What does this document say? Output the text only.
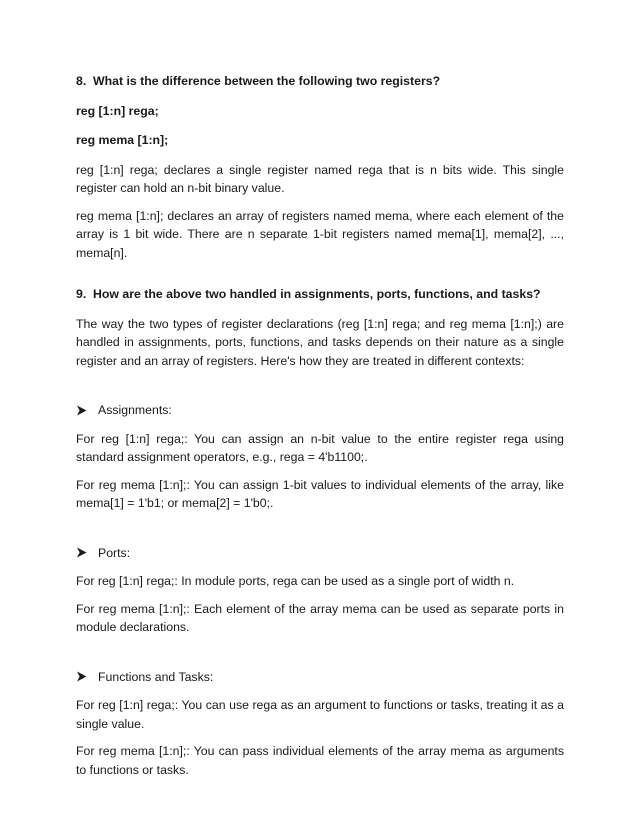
8. What is the difference between the following two registers?
reg [1:n] rega;
reg mema [1:n];

reg [1:n] rega; declares a single register named rega that is n bits wide. This single register can hold an n-bit binary value.

reg mema [1:n]; declares an array of registers named mema, where each element of the array is 1 bit wide. There are n separate 1-bit registers named mema[1], mema[2], ..., mema[n].

9. How are the above two handled in assignments, ports, functions, and tasks?

The way the two types of register declarations (reg [1:n] rega; and reg mema [1:n];) are handled in assignments, ports, functions, and tasks depends on their nature as a single register and an array of registers. Here's how they are treated in different contexts:

Assignments:

For reg [1:n] rega;: You can assign an n-bit value to the entire register rega using standard assignment operators, e.g., rega = 4'b1100;.

For reg mema [1:n];: You can assign 1-bit values to individual elements of the array, like mema[1] = 1'b1; or mema[2] = 1'b0;.

Ports:

For reg [1:n] rega;: In module ports, rega can be used as a single port of width n.

For reg mema [1:n];: Each element of the array mema can be used as separate ports in module declarations.

Functions and Tasks:

For reg [1:n] rega;: You can use rega as an argument to functions or tasks, treating it as a single value.

For reg mema [1:n];: You can pass individual elements of the array mema as arguments to functions or tasks.
